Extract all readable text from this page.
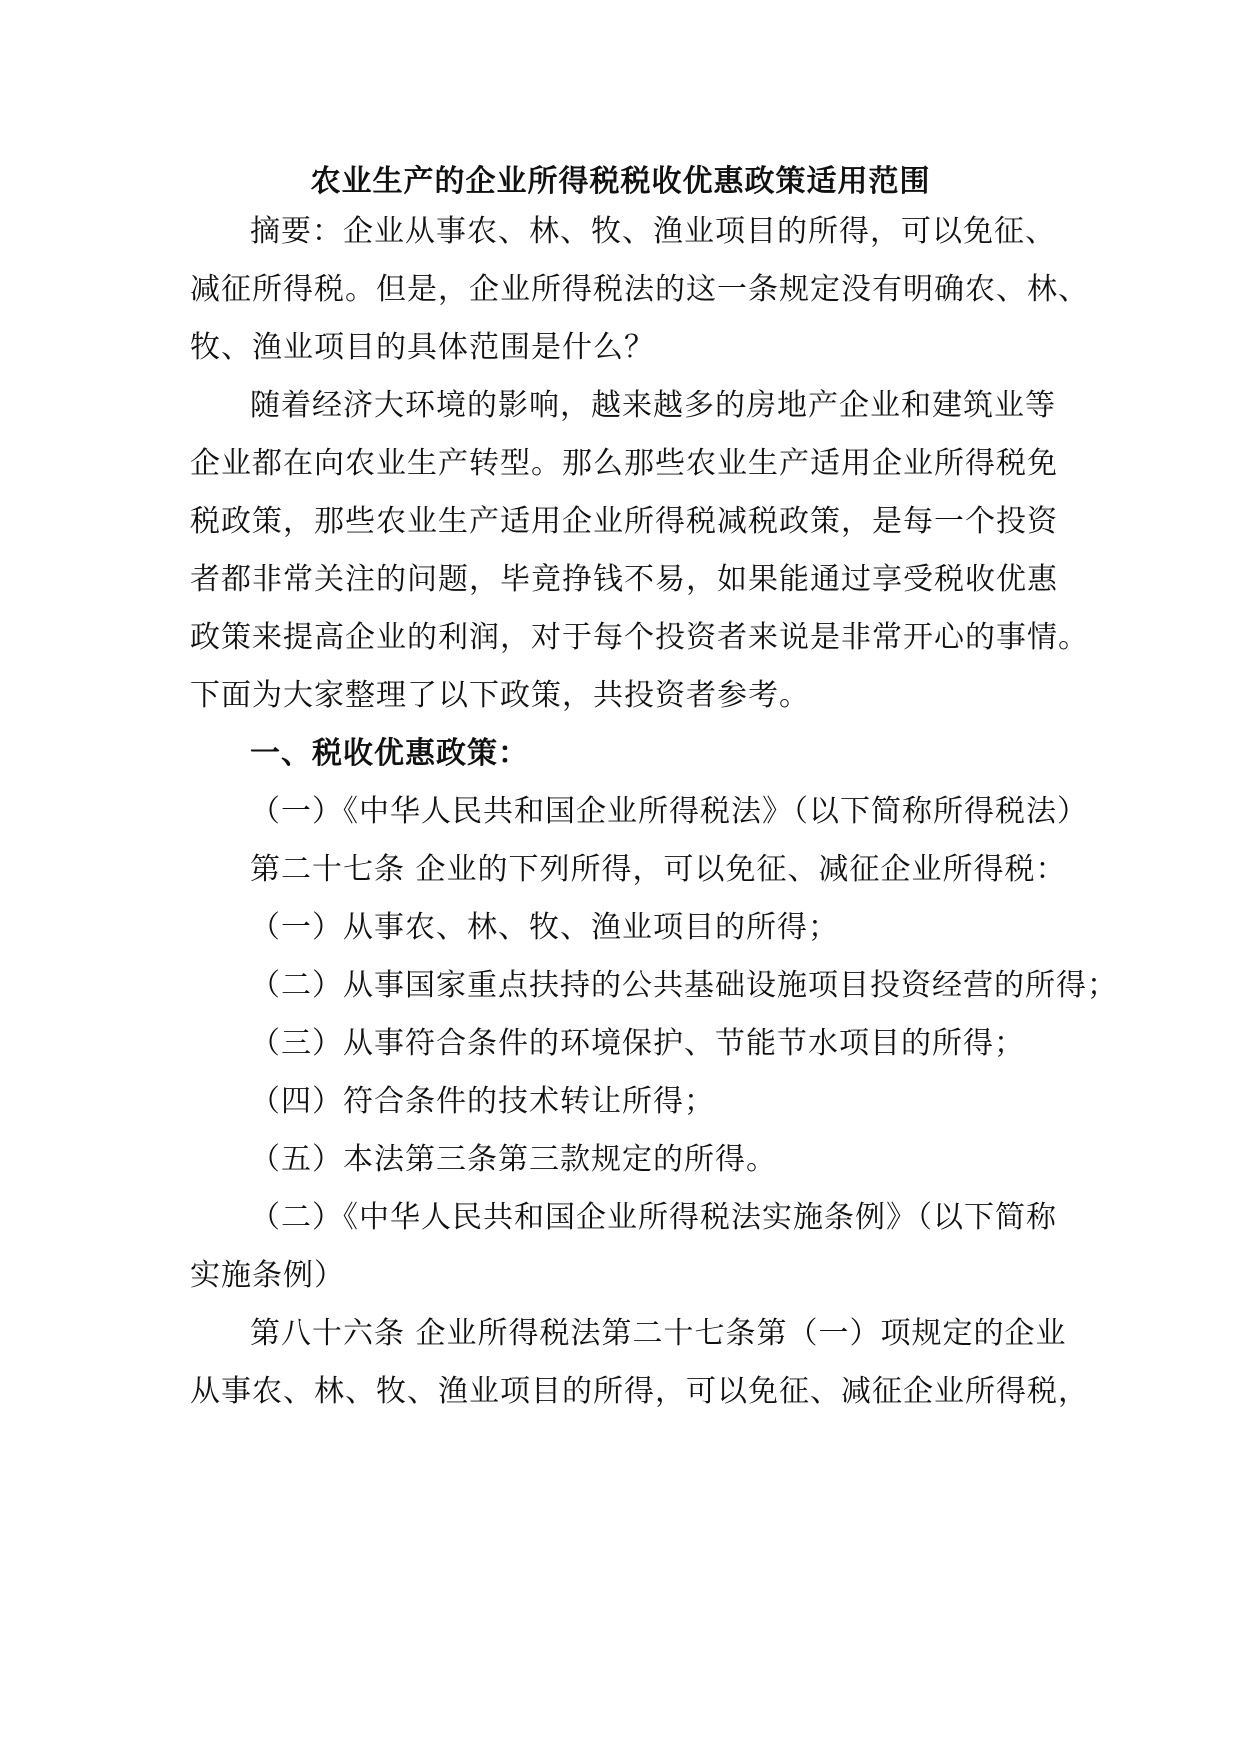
农业生产的企业所得税税收优惠政策适用范围
摘要：企业从事农、林、牧、渔业项目的所得，可以免征、
减征所得税。但是，企业所得税法的这一条规定没有明确农、林、
牧、渔业项目的具体范围是什么？
随着经济大环境的影响，越来越多的房地产企业和建筑业等
企业都在向农业生产转型。那么那些农业生产适用企业所得税免
税政策，那些农业生产适用企业所得税减税政策，是每一个投资
者都非常关注的问题，毕竟挣钱不易，如果能通过享受税收优惠
政策来提高企业的利润，对于每个投资者来说是非常开心的事情。
下面为大家整理了以下政策，共投资者参考。
一、税收优惠政策：
（一）《中华人民共和国企业所得税法》（以下简称所得税法）
第二十七条 企业的下列所得，可以免征、减征企业所得税：
（一）从事农、林、牧、渔业项目的所得；
（二）从事国家重点扶持的公共基础设施项目投资经营的所得；
（三）从事符合条件的环境保护、节能节水项目的所得；
（四）符合条件的技术转让所得；
（五）本法第三条第三款规定的所得。
（二）《中华人民共和国企业所得税法实施条例》（以下简称
实施条例）
第八十六条 企业所得税法第二十七条第（一）项规定的企业
从事农、林、牧、渔业项目的所得，可以免征、减征企业所得税，
